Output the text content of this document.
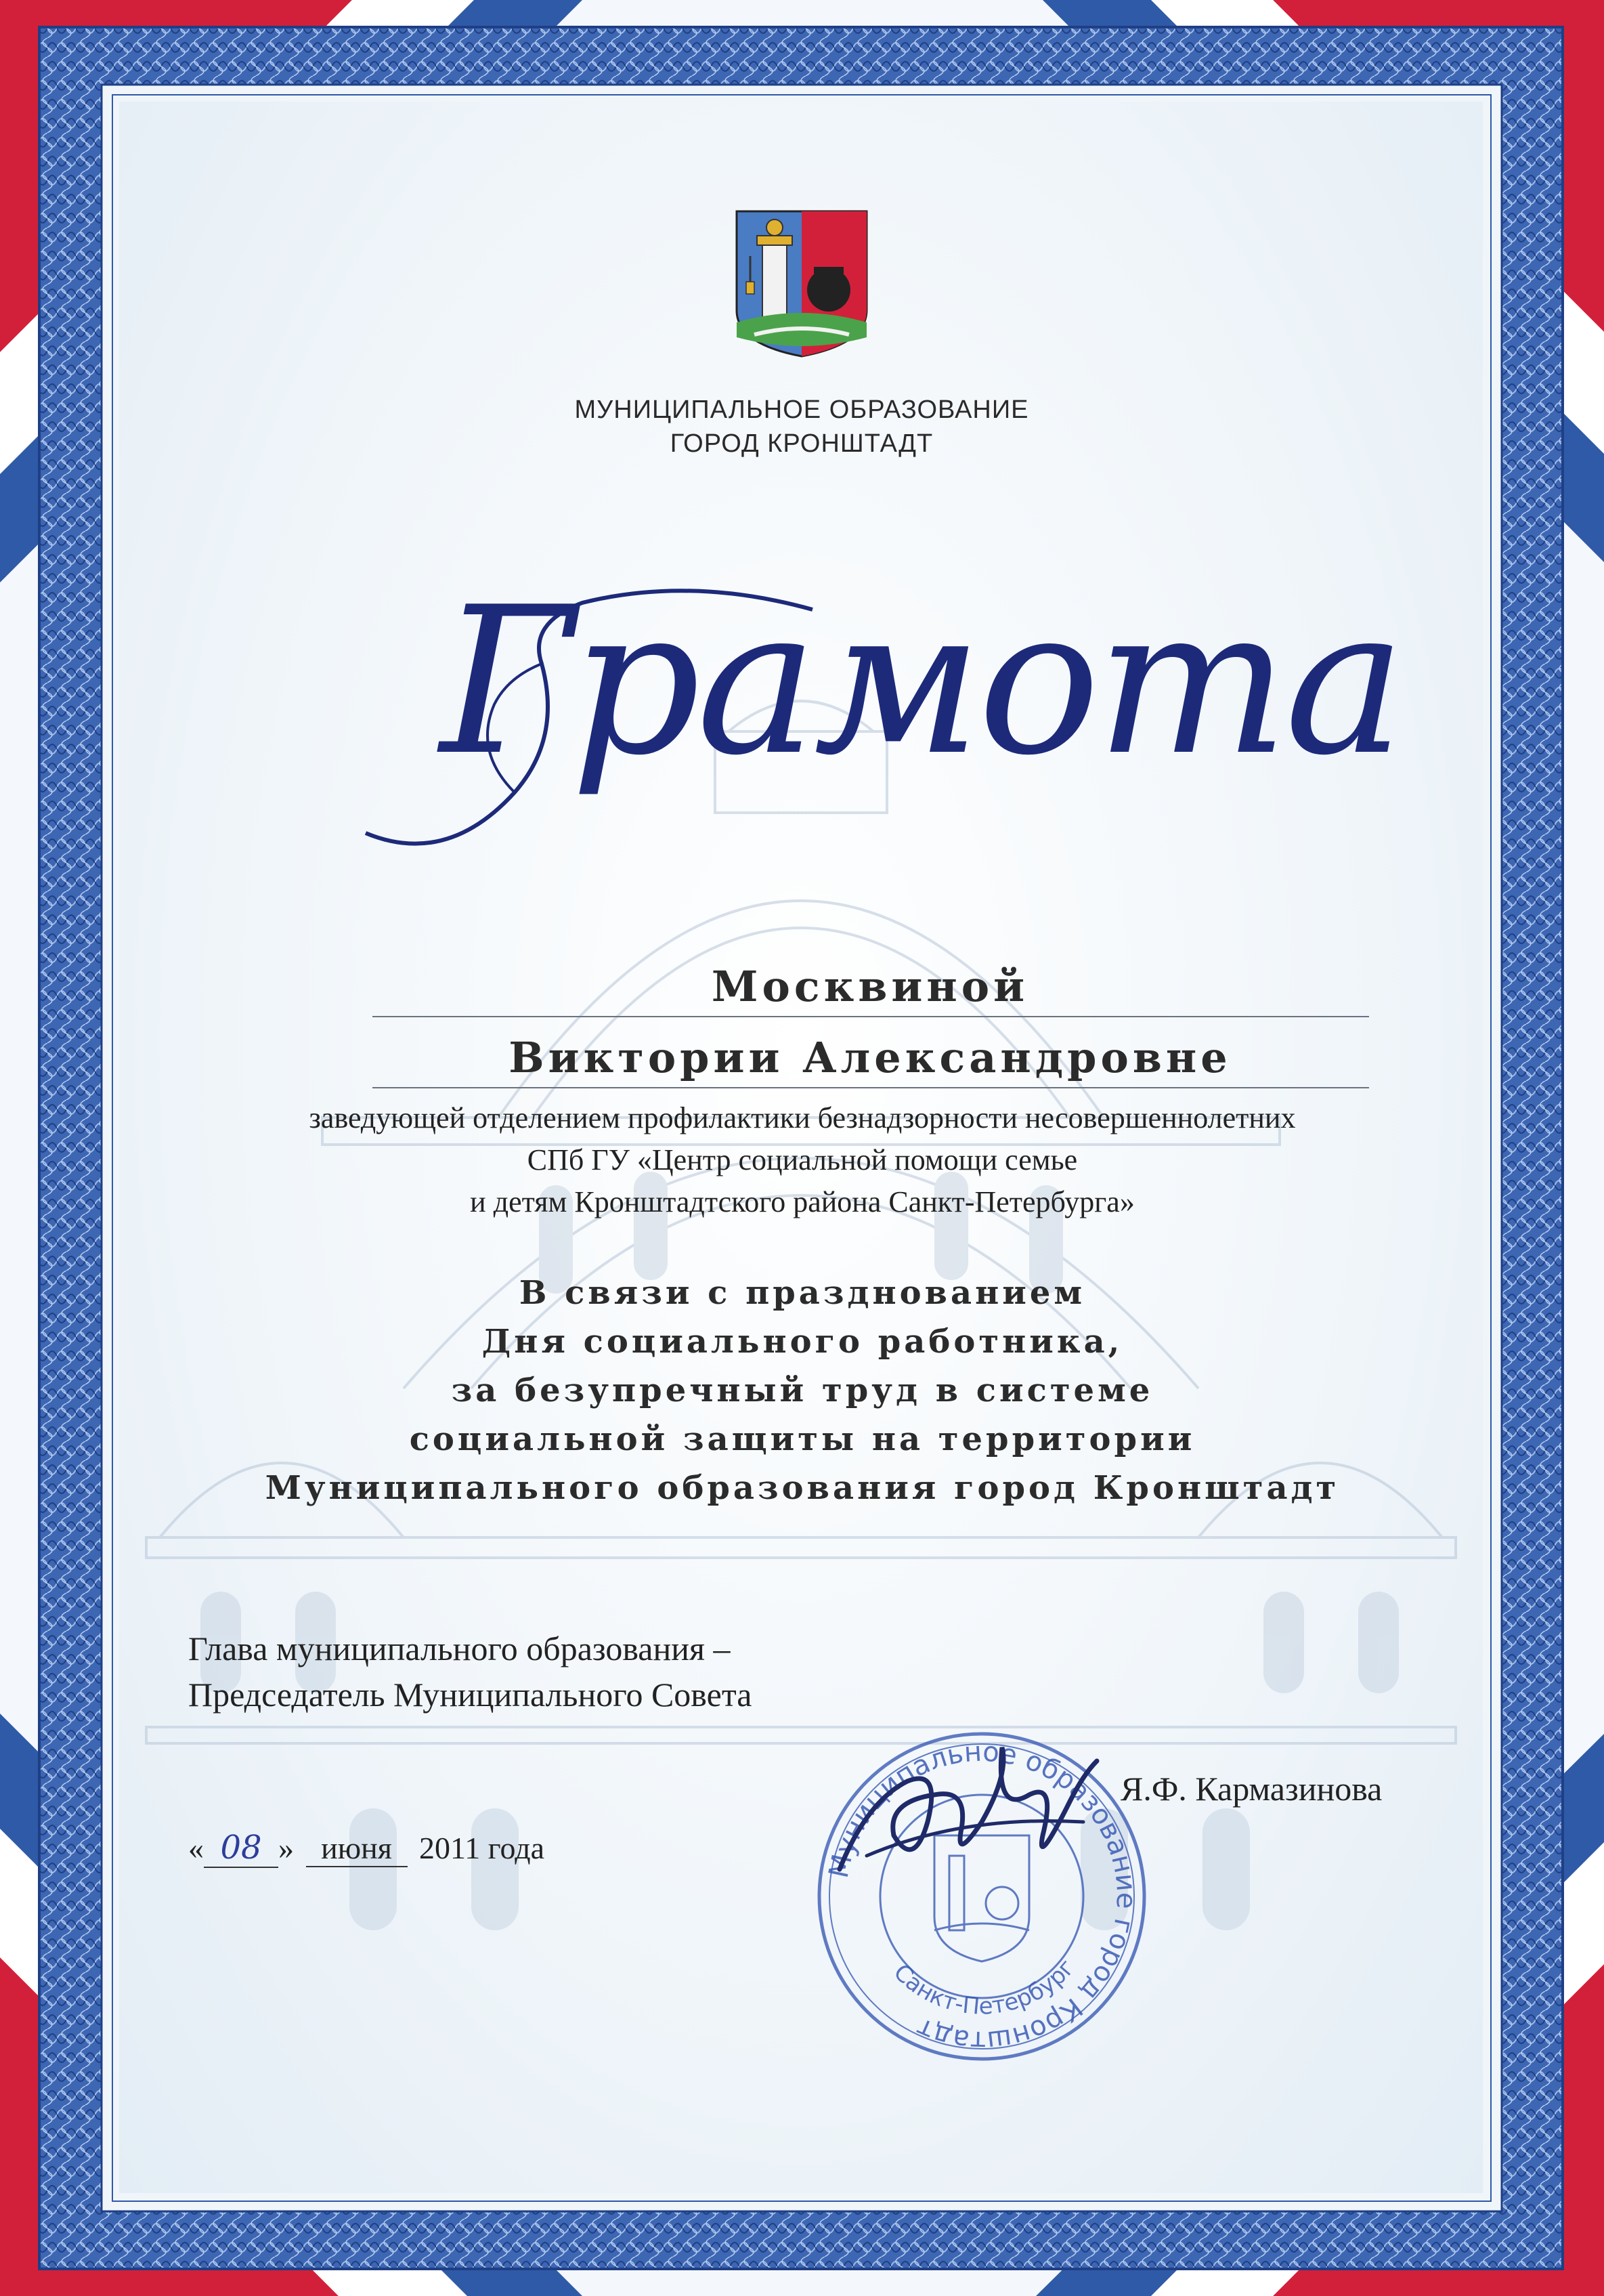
МУНИЦИПАЛЬНОЕ ОБРАЗОВАНИЕ
ГОРОД КРОНШТАДТ
Грамота
Москвиной
Виктории Александровне
заведующей отделением профилактики безнадзорности несовершеннолетних
СПб ГУ «Центр социальной помощи семье
и детям Кронштадтского района Санкт-Петербурга»
В связи с празднованием
Дня социального работника,
за безупречный труд в системе
социальной защиты на территории
Муниципального образования город Кронштадт
Глава муниципального образования –
Председатель Муниципального Совета
Муниципальное образование город Кронштадт
Санкт-Петербург
Я.Ф. Кармазинова
« 08 » июня 2011 года
